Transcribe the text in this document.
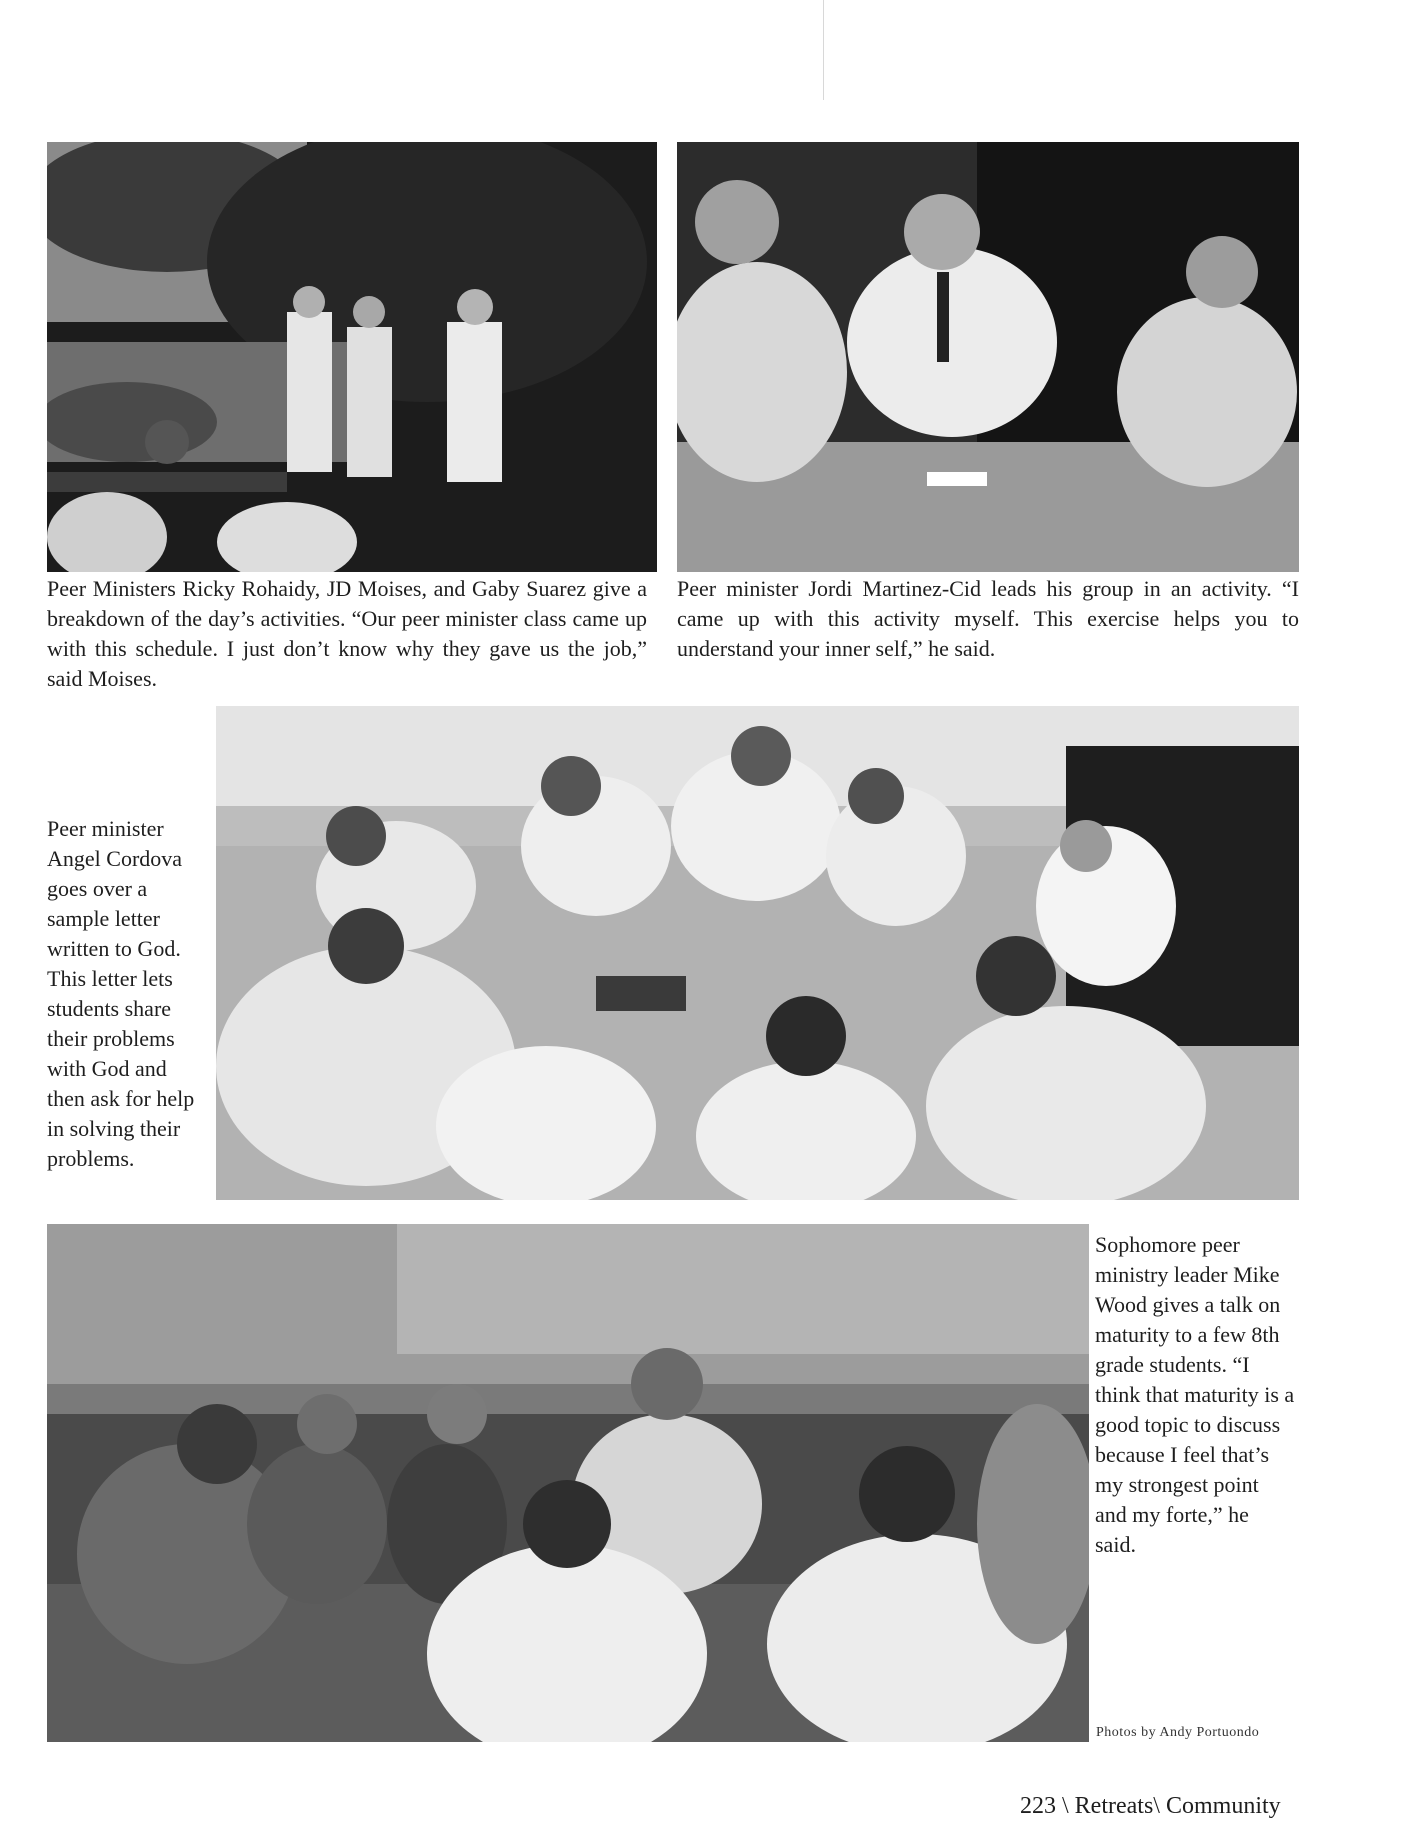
Peer Ministers Ricky Rohaidy, JD Moises, and Gaby Suarez give a breakdown of the day’s activities. “Our peer minister class came up with this schedule. I just don’t know why they gave us the job,” said Moises.
Peer minister Jordi Martinez-Cid leads his group in an activity. “I came up with this activity myself. This exercise helps you to understand your inner self,” he said.
Peer minister Angel Cordova goes over a sample letter written to God. This letter lets students share their problems with God and then ask for help in solving their problems.
Sophomore peer ministry leader Mike Wood gives a talk on maturity to a few 8th grade students. “I think that maturity is a good topic to discuss because I feel that’s my strongest point and my forte,” he said.
Photos by Andy Portuondo
223 \ Retreats\ Community
